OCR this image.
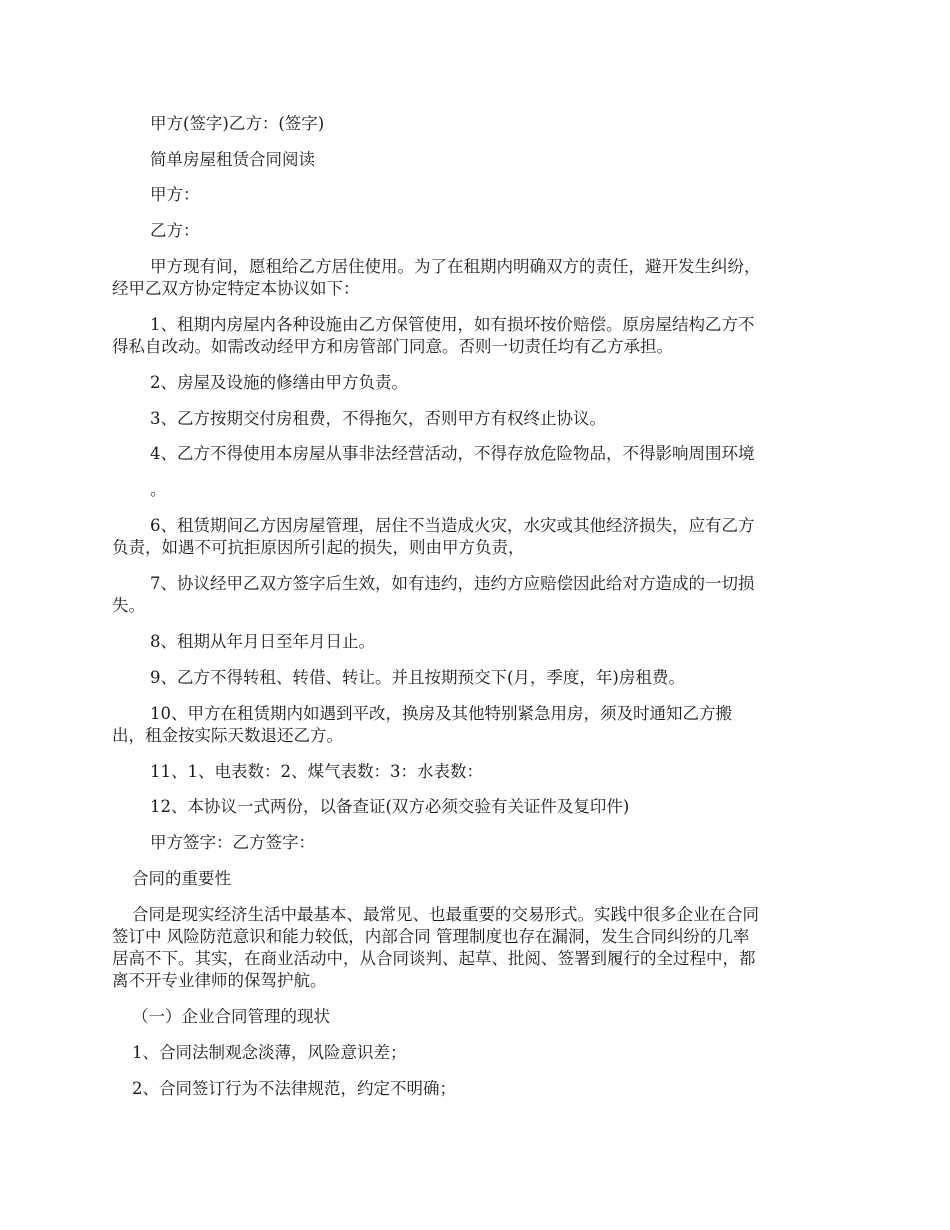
甲方(签字)乙方：(签字)
简单房屋租赁合同阅读
甲方：
乙方：
甲方现有间，愿租给乙方居住使用。为了在租期内明确双方的责任，避开发生纠纷，
经甲乙双方协定特定本协议如下：
1、租期内房屋内各种设施由乙方保管使用，如有损坏按价赔偿。原房屋结构乙方不
得私自改动。如需改动经甲方和房管部门同意。否则一切责任均有乙方承担。
2、房屋及设施的修缮由甲方负责。
3、乙方按期交付房租费，不得拖欠，否则甲方有权终止协议。
4、乙方不得使用本房屋从事非法经营活动，不得存放危险物品，不得影响周围环境
。
6、租赁期间乙方因房屋管理，居住不当造成火灾，水灾或其他经济损失，应有乙方
负责，如遇不可抗拒原因所引起的损失，则由甲方负责，
7、协议经甲乙双方签字后生效，如有违约，违约方应赔偿因此给对方造成的一切损
失。
8、租期从年月日至年月日止。
9、乙方不得转租、转借、转让。并且按期预交下(月，季度，年)房租费。
10、甲方在租赁期内如遇到平改，换房及其他特别紧急用房，须及时通知乙方搬
出，租金按实际天数退还乙方。
11、1、电表数：2、煤气表数：3：水表数：
12、本协议一式两份，以备查证(双方必须交验有关证件及复印件)
甲方签字：乙方签字：
合同的重要性
合同是现实经济生活中最基本、最常见、也最重要的交易形式。实践中很多企业在合同
签订中 风险防范意识和能力较低，内部合同 管理制度也存在漏洞，发生合同纠纷的几率
居高不下。其实，在商业活动中，从合同谈判、起草、批阅、签署到履行的全过程中，都
离不开专业律师的保驾护航。
（一）企业合同管理的现状
1、合同法制观念淡薄，风险意识差；
2、合同签订行为不法律规范，约定不明确；
